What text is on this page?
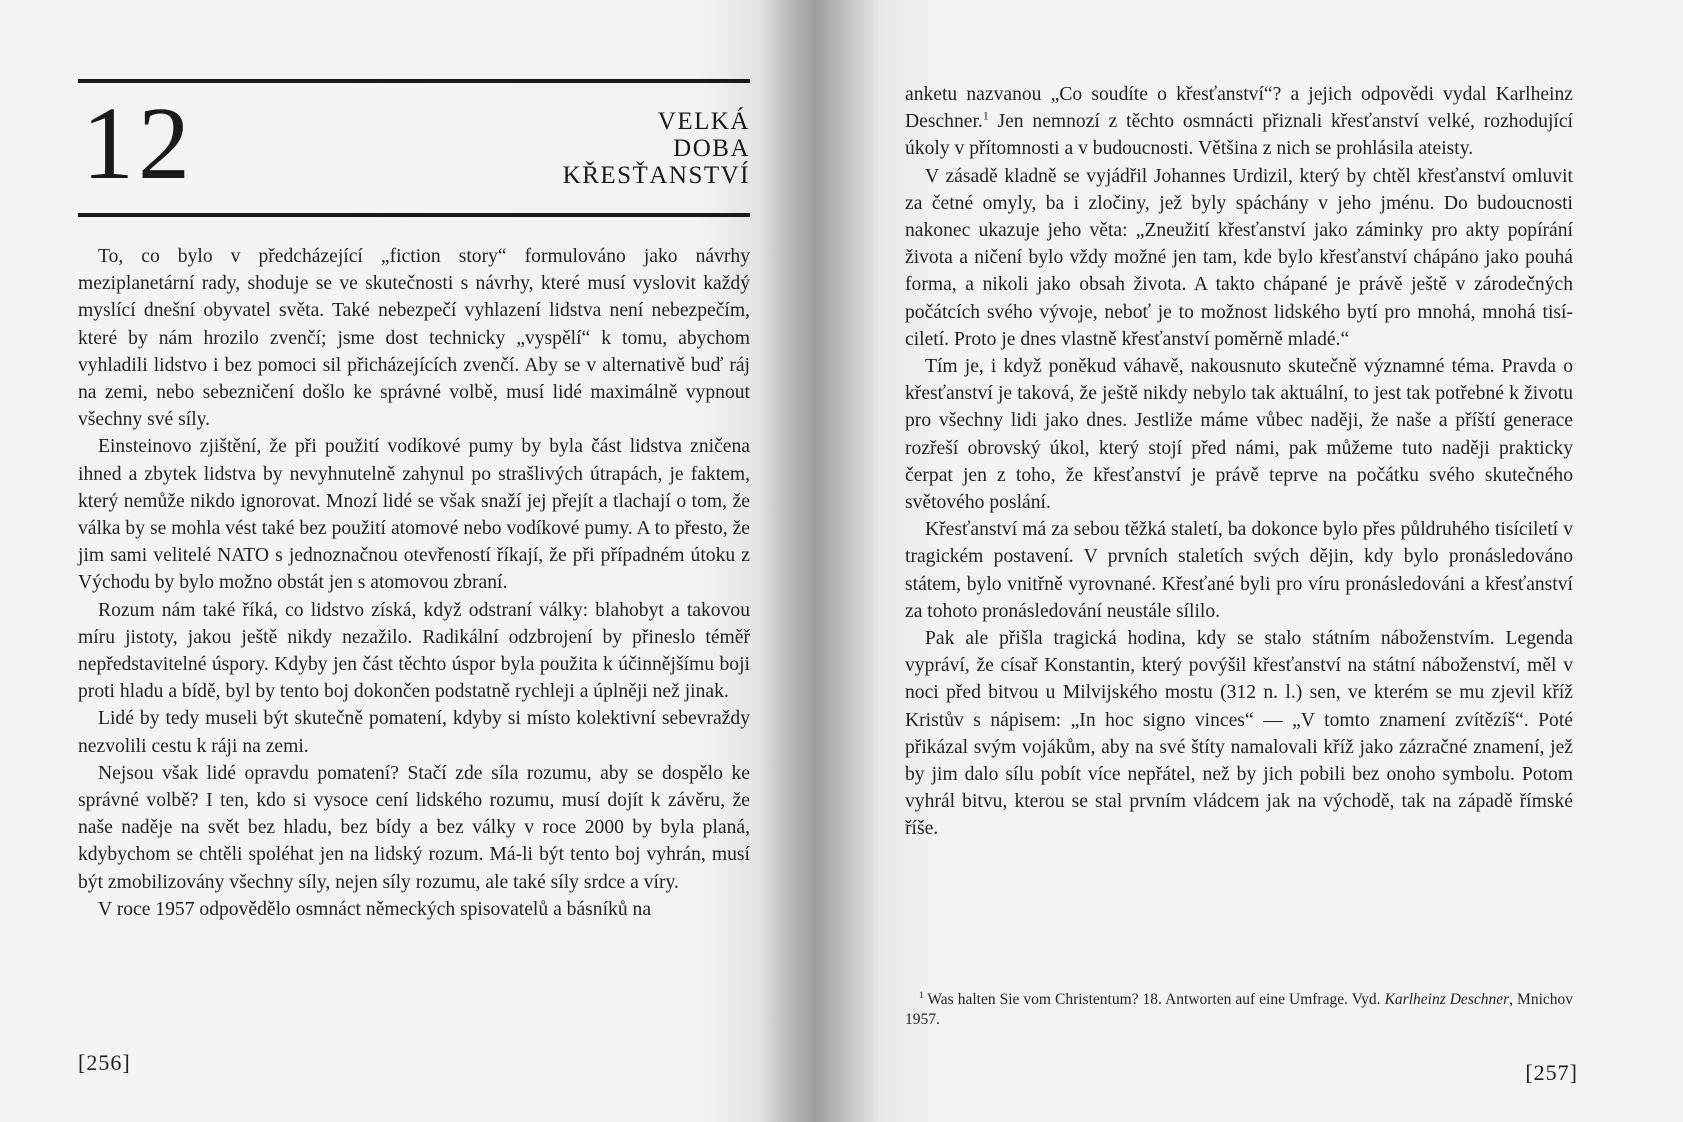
12	VELKÁ
DOBA
KŘESŤANSTVÍ

To, co bylo v předcházející „fiction story“ formulováno jako návrhy meziplanetární rady, shoduje se ve skutečnosti s návrhy, které musí vyslovit každý myslící dnešní obyvatel světa. Také nebezpečí vyhlazení lidstva není nebezpečím, které by nám hrozilo zvenčí; jsme dost technicky „vyspělí“ k tomu, abychom vyhladili lidstvo i bez pomoci sil přicházejících zvenčí. Aby se v alternativě buď ráj na zemi, nebo sebezničení došlo ke správné volbě, musí lidé maximálně vypnout všechny své síly.

Einsteinovo zjištění, že při použití vodíkové pumy by byla část lidstva zničena ihned a zbytek lidstva by nevyhnutelně zahynul po strašlivých útrapách, je faktem, který nemůže nikdo ignorovat. Mnozí lidé se však snaží jej přejít a tlachají o tom, že válka by se mohla vést také bez použití atomové nebo vodíkové pumy. A to přesto, že jim sami velitelé NATO s jednoznačnou otevřeností říkají, že při případném útoku z Východu by bylo možno obstát jen s atomovou zbraní.

Rozum nám také říká, co lidstvo získá, když odstraní války: blahobyt a takovou míru jistoty, jakou ještě nikdy nezažilo. Radikální odzbrojení by přineslo téměř nepředstavitelné úspory. Kdyby jen část těchto úspor byla použita k účinnějšímu boji proti hladu a bídě, byl by tento boj dokončen podstatně rychleji a úplněji než jinak.

Lidé by tedy museli být skutečně pomatení, kdyby si místo kolektivní sebevraždy nezvolili cestu k ráji na zemi.

Nejsou však lidé opravdu pomatení? Stačí zde síla rozumu, aby se dospělo ke správné volbě? I ten, kdo si vysoce cení lidského rozumu, musí dojít k závěru, že naše naděje na svět bez hladu, bez bídy a bez války v roce 2000 by byla planá, kdybychom se chtěli spoléhat jen na lidský rozum. Má-li být tento boj vyhrán, musí být zmobilizovány všechny síly, nejen síly rozumu, ale také síly srdce a víry.

V roce 1957 odpovědělo osmnáct německých spisovatelů a básníků na

[256]

anketu nazvanou „Co soudíte o křesťanství“? a jejich odpovědi vydal Karlheinz Deschner.$^1$ Jen nemnozí z těchto osmnácti přiznali křesťanství velké, rozhodující úkoly v přítomnosti a v budoucnosti. Většina z nich se prohlásila ateisty.

V zásadě kladně se vyjádřil Johannes Urdizil, který by chtěl křesťanství omluvit za četné omyly, ba i zločiny, jež byly spáchány v jeho jménu. Do budoucnosti nakonec ukazuje jeho věta: „Zneužití křesťanství jako záminky pro akty popírání života a ničení bylo vždy možné jen tam, kde bylo křesťanství chápáno jako pouhá forma, a nikoli jako obsah života. A takto chápané je právě ještě v zárodečných počátcích svého vývoje, neboť je to možnost lidského bytí pro mnohá, mnohá tisíciletí. Proto je dnes vlastně křesťanství poměrně mladé.“

Tím je, i když poněkud váhavě, nakousnuto skutečně významné téma. Pravda o křesťanství je taková, že ještě nikdy nebylo tak aktuální, to jest tak potřebné k životu pro všechny lidi jako dnes. Jestliže máme vůbec naději, že naše a příští generace rozřeší obrovský úkol, který stojí před námi, pak můžeme tuto naději prakticky čerpat jen z toho, že křesťanství je právě teprve na počátku svého skutečného světového poslání.

Křesťanství má za sebou těžká staletí, ba dokonce bylo přes půldruhého tisíciletí v tragickém postavení. V prvních staletích svých dějin, kdy bylo pronásledováno státem, bylo vnitřně vyrovnané. Křesťané byli pro víru pronásledováni a křesťanství za tohoto pronásledování neustále sílilo.

Pak ale přišla tragická hodina, kdy se stalo státním náboženstvím. Legenda vypráví, že císař Konstantin, který povýšil křesťanství na státní náboženství, měl v noci před bitvou u Milvijského mostu (312 n. l.) sen, ve kterém se mu zjevil kříž Kristův s nápisem: „In hoc signo vinces“ — „V tomto znamení zvítězíš“. Poté přikázal svým vojákům, aby na své štíty namalovali kříž jako zázračné znamení, jež by jim dalo sílu pobít více nepřátel, než by jich pobili bez onoho symbolu. Potom vyhrál bitvu, kterou se stal prvním vládcem jak na východě, tak na západě římské říše.

$^1$ Was halten Sie vom Christentum? 18. Antworten auf eine Umfrage. Vyd. Karlheinz Deschner, Mnichov 1957.
[257]
